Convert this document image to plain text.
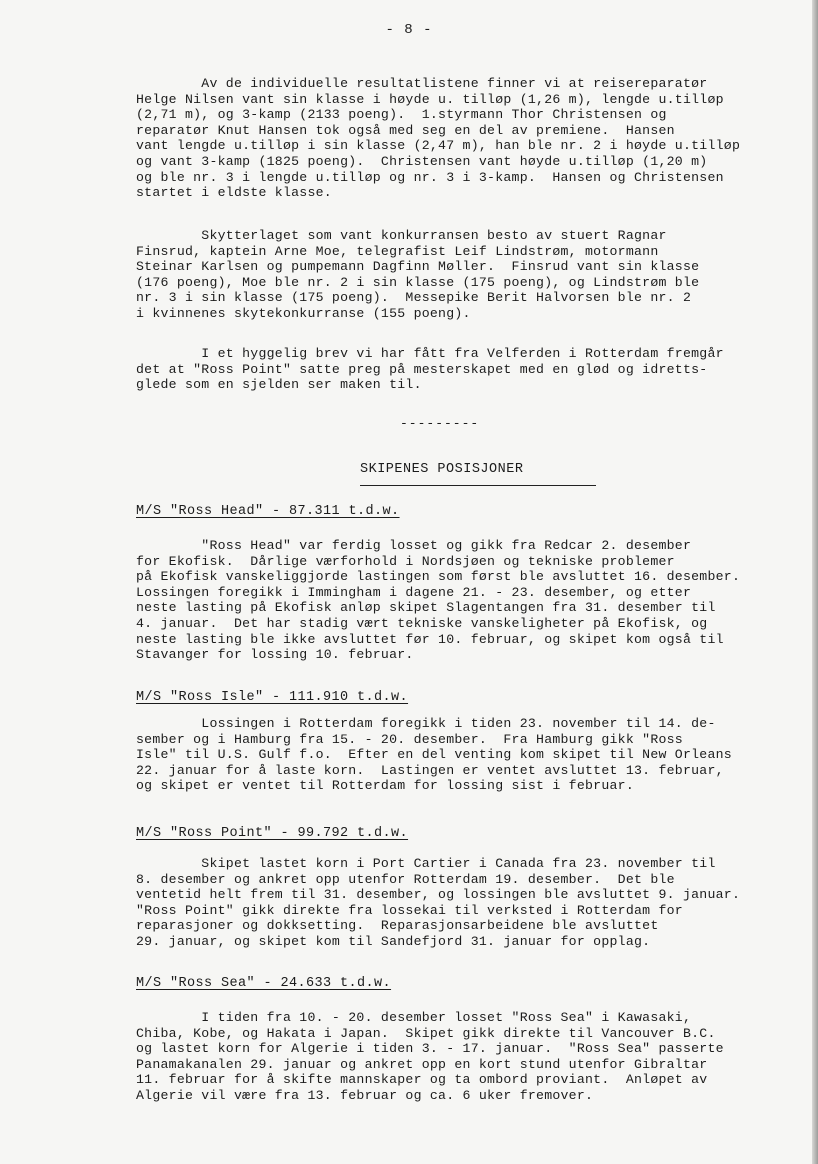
- 8 -

Av de individuelle resultatlistene finner vi at reisereparatør
Helge Nilsen vant sin klasse i høyde u. tilløp (1,26 m), lengde u.tilløp
(2,71 m), og 3-kamp (2133 poeng).  1.styrmann Thor Christensen og
reparatør Knut Hansen tok også med seg en del av premiene.  Hansen
vant lengde u.tilløp i sin klasse (2,47 m), han ble nr. 2 i høyde u.tilløp
og vant 3-kamp (1825 poeng).  Christensen vant høyde u.tilløp (1,20 m)
og ble nr. 3 i lengde u.tilløp og nr. 3 i 3-kamp.  Hansen og Christensen
startet i eldste klasse.

Skytterlaget som vant konkurransen besto av stuert Ragnar
Finsrud, kaptein Arne Moe, telegrafist Leif Lindstrøm, motormann
Steinar Karlsen og pumpemann Dagfinn Møller.  Finsrud vant sin klasse
(176 poeng), Moe ble nr. 2 i sin klasse (175 poeng), og Lindstrøm ble
nr. 3 i sin klasse (175 poeng).  Messepike Berit Halvorsen ble nr. 2
i kvinnenes skytekonkurranse (155 poeng).

I et hyggelig brev vi har fått fra Velferden i Rotterdam fremgår
det at "Ross Point" satte preg på mesterskapet med en glød og idretts-
glede som en sjelden ser maken til.

---------
SKIPENES POSISJONER
M/S "Ross Head" - 87.311 t.d.w.

"Ross Head" var ferdig losset og gikk fra Redcar 2. desember
for Ekofisk.  Dårlige værforhold i Nordsjøen og tekniske problemer
på Ekofisk vanskeliggjorde lastingen som først ble avsluttet 16. desember.
Lossingen foregikk i Immingham i dagene 21. - 23. desember, og etter
neste lasting på Ekofisk anløp skipet Slagentangen fra 31. desember til
4. januar.  Det har stadig vært tekniske vanskeligheter på Ekofisk, og
neste lasting ble ikke avsluttet før 10. februar, og skipet kom også til
Stavanger for lossing 10. februar.

M/S "Ross Isle" - 111.910 t.d.w.

Lossingen i Rotterdam foregikk i tiden 23. november til 14. de-
sember og i Hamburg fra 15. - 20. desember.  Fra Hamburg gikk "Ross
Isle" til U.S. Gulf f.o.  Efter en del venting kom skipet til New Orleans
22. januar for å laste korn.  Lastingen er ventet avsluttet 13. februar,
og skipet er ventet til Rotterdam for lossing sist i februar.

M/S "Ross Point" - 99.792 t.d.w.

Skipet lastet korn i Port Cartier i Canada fra 23. november til
8. desember og ankret opp utenfor Rotterdam 19. desember.  Det ble
ventetid helt frem til 31. desember, og lossingen ble avsluttet 9. januar.
"Ross Point" gikk direkte fra lossekai til verksted i Rotterdam for
reparasjoner og dokksetting.  Reparasjonsarbeidene ble avsluttet
29. januar, og skipet kom til Sandefjord 31. januar for opplag.

M/S "Ross Sea" - 24.633 t.d.w.

I tiden fra 10. - 20. desember losset "Ross Sea" i Kawasaki,
Chiba, Kobe, og Hakata i Japan.  Skipet gikk direkte til Vancouver B.C.
og lastet korn for Algerie i tiden 3. - 17. januar.  "Ross Sea" passerte
Panamakanalen 29. januar og ankret opp en kort stund utenfor Gibraltar
11. februar for å skifte mannskaper og ta ombord proviant.  Anløpet av
Algerie vil være fra 13. februar og ca. 6 uker fremover.
